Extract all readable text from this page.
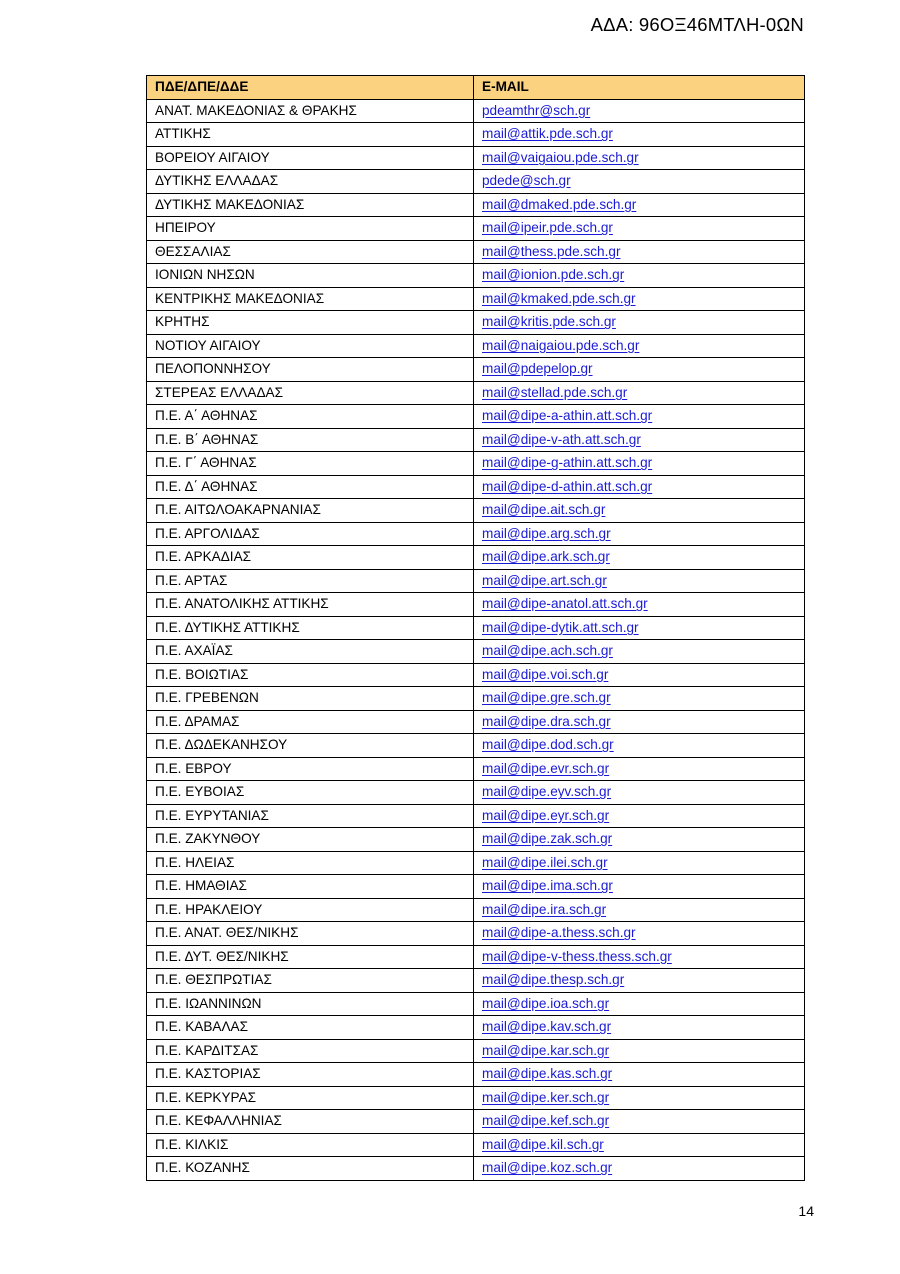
ΑΔΑ: 96ΟΞ46ΜΤΛΗ-0ΩΝ
ΠΔΕ/ΔΠΕ/ΔΔΕ	E-MAIL
ΑΝΑΤ. ΜΑΚΕΔΟΝΙΑΣ & ΘΡΑΚΗΣ	pdeamthr@sch.gr
ΑΤΤΙΚΗΣ	mail@attik.pde.sch.gr
ΒΟΡΕΙΟΥ ΑΙΓΑΙΟΥ	mail@vaigaiou.pde.sch.gr
ΔΥΤΙΚΗΣ ΕΛΛΑΔΑΣ	pdede@sch.gr
ΔΥΤΙΚΗΣ ΜΑΚΕΔΟΝΙΑΣ	mail@dmaked.pde.sch.gr
ΗΠΕΙΡΟΥ	mail@ipeir.pde.sch.gr
ΘΕΣΣΑΛΙΑΣ	mail@thess.pde.sch.gr
ΙΟΝΙΩΝ ΝΗΣΩΝ	mail@ionion.pde.sch.gr
ΚΕΝΤΡΙΚΗΣ ΜΑΚΕΔΟΝΙΑΣ	mail@kmaked.pde.sch.gr
ΚΡΗΤΗΣ	mail@kritis.pde.sch.gr
ΝΟΤΙΟΥ ΑΙΓΑΙΟΥ	mail@naigaiou.pde.sch.gr
ΠΕΛΟΠΟΝΝΗΣΟΥ	mail@pdepelop.gr
ΣΤΕΡΕΑΣ ΕΛΛΑΔΑΣ	mail@stellad.pde.sch.gr
Π.Ε. Α΄ ΑΘΗΝΑΣ	mail@dipe-a-athin.att.sch.gr
Π.Ε. Β΄ ΑΘΗΝΑΣ	mail@dipe-v-ath.att.sch.gr
Π.Ε. Γ΄ ΑΘΗΝΑΣ	mail@dipe-g-athin.att.sch.gr
Π.Ε. Δ΄ ΑΘΗΝΑΣ	mail@dipe-d-athin.att.sch.gr
Π.Ε. ΑΙΤΩΛΟΑΚΑΡΝΑΝΙΑΣ	mail@dipe.ait.sch.gr
Π.Ε. ΑΡΓΟΛΙΔΑΣ	mail@dipe.arg.sch.gr
Π.Ε. ΑΡΚΑΔΙΑΣ	mail@dipe.ark.sch.gr
Π.Ε. ΑΡΤΑΣ	mail@dipe.art.sch.gr
Π.Ε. ΑΝΑΤΟΛΙΚΗΣ ΑΤΤΙΚΗΣ	mail@dipe-anatol.att.sch.gr
Π.Ε. ΔΥΤΙΚΗΣ ΑΤΤΙΚΗΣ	mail@dipe-dytik.att.sch.gr
Π.Ε. ΑΧΑΪΑΣ	mail@dipe.ach.sch.gr
Π.Ε. ΒΟΙΩΤΙΑΣ	mail@dipe.voi.sch.gr
Π.Ε. ΓΡΕΒΕΝΩΝ	mail@dipe.gre.sch.gr
Π.Ε. ΔΡΑΜΑΣ	mail@dipe.dra.sch.gr
Π.Ε. ΔΩΔΕΚΑΝΗΣΟΥ	mail@dipe.dod.sch.gr
Π.Ε. ΕΒΡΟΥ	mail@dipe.evr.sch.gr
Π.Ε. ΕΥΒΟΙΑΣ	mail@dipe.eyv.sch.gr
Π.Ε. ΕΥΡΥΤΑΝΙΑΣ	mail@dipe.eyr.sch.gr
Π.Ε. ΖΑΚΥΝΘΟΥ	mail@dipe.zak.sch.gr
Π.Ε. ΗΛΕΙΑΣ	mail@dipe.ilei.sch.gr
Π.Ε. ΗΜΑΘΙΑΣ	mail@dipe.ima.sch.gr
Π.Ε. ΗΡΑΚΛΕΙΟΥ	mail@dipe.ira.sch.gr
Π.Ε. ΑΝΑΤ. ΘΕΣ/ΝΙΚΗΣ	mail@dipe-a.thess.sch.gr
Π.Ε. ΔΥΤ. ΘΕΣ/ΝΙΚΗΣ	mail@dipe-v-thess.thess.sch.gr
Π.Ε. ΘΕΣΠΡΩΤΙΑΣ	mail@dipe.thesp.sch.gr
Π.Ε. ΙΩΑΝΝΙΝΩΝ	mail@dipe.ioa.sch.gr
Π.Ε. ΚΑΒΑΛΑΣ	mail@dipe.kav.sch.gr
Π.Ε. ΚΑΡΔΙΤΣΑΣ	mail@dipe.kar.sch.gr
Π.Ε. ΚΑΣΤΟΡΙΑΣ	mail@dipe.kas.sch.gr
Π.Ε. ΚΕΡΚΥΡΑΣ	mail@dipe.ker.sch.gr
Π.Ε. ΚΕΦΑΛΛΗΝΙΑΣ	mail@dipe.kef.sch.gr
Π.Ε. ΚΙΛΚΙΣ	mail@dipe.kil.sch.gr
Π.Ε. ΚΟΖΑΝΗΣ	mail@dipe.koz.sch.gr
14
